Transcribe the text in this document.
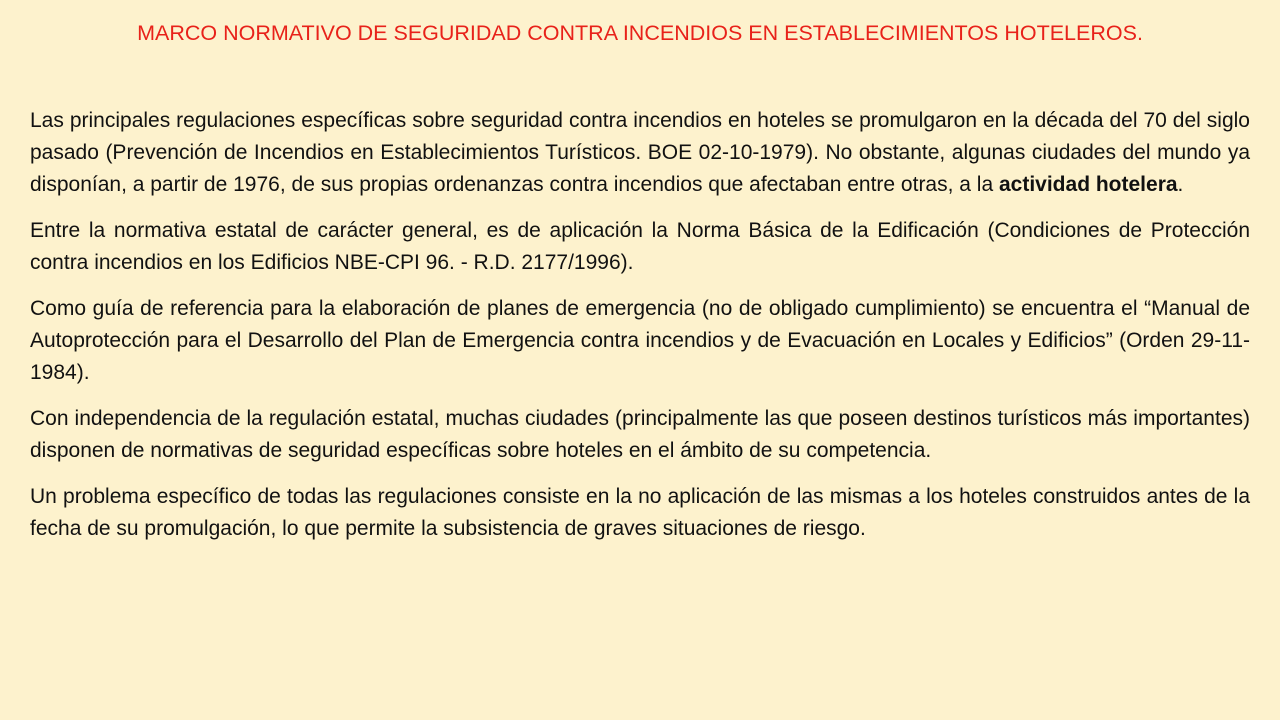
MARCO NORMATIVO DE SEGURIDAD CONTRA INCENDIOS EN ESTABLECIMIENTOS HOTELEROS.

Las principales regulaciones específicas sobre seguridad contra incendios en hoteles se promulgaron en la década del 70 del siglo pasado (Prevención de Incendios en Establecimientos Turísticos. BOE 02-10-1979). No obstante, algunas ciudades del mundo ya disponían, a partir de 1976, de sus propias ordenanzas contra incendios que afectaban entre otras, a la actividad hotelera.

Entre la normativa estatal de carácter general, es de aplicación la Norma Básica de la Edificación (Condiciones de Protección contra incendios en los Edificios NBE-CPI 96. - R.D. 2177/1996).

Como guía de referencia para la elaboración de planes de emergencia (no de obligado cumplimiento) se encuentra el “Manual de Autoprotección para el Desarrollo del Plan de Emergencia contra incendios y de Evacuación en Locales y Edificios” (Orden 29-11-1984).

Con independencia de la regulación estatal, muchas ciudades (principalmente las que poseen destinos turísticos más importantes) disponen de normativas de seguridad específicas sobre hoteles en el ámbito de su competencia.

Un problema específico de todas las regulaciones consiste en la no aplicación de las mismas a los hoteles construidos antes de la fecha de su promulgación, lo que permite la subsistencia de graves situaciones de riesgo.
